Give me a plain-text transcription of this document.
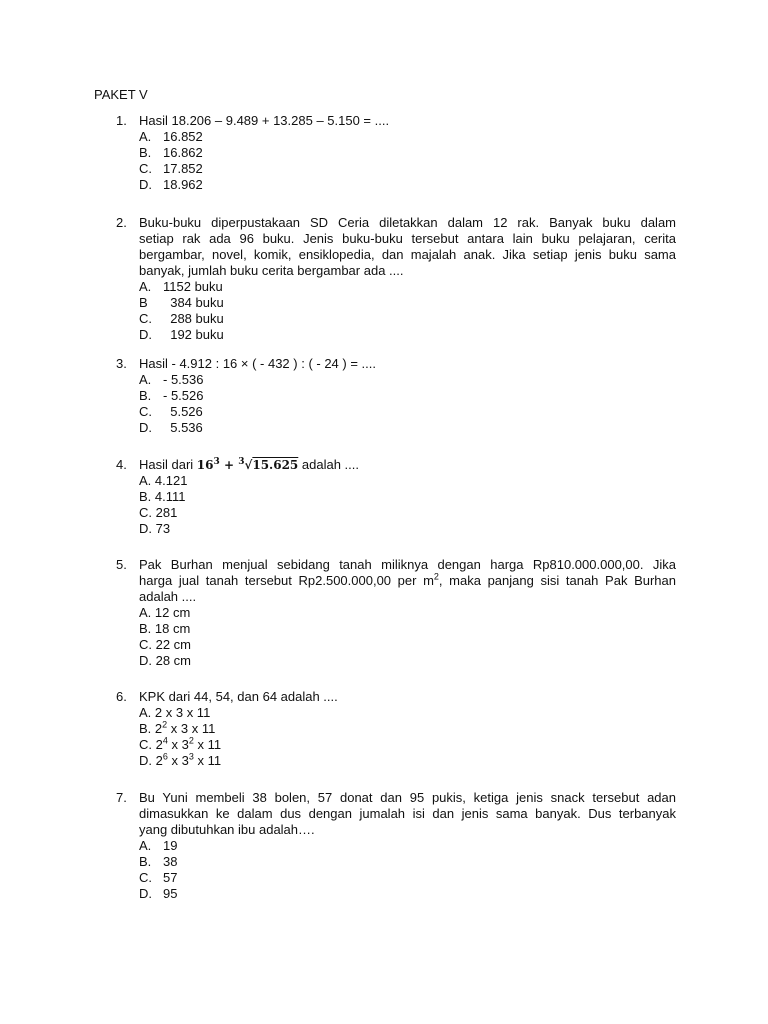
PAKET V
1. Hasil 18.206 – 9.489 + 13.285 – 5.150 = ....
A. 16.852
B. 16.862
C. 17.852
D. 18.962
2. Buku-buku diperpustakaan SD Ceria diletakkan dalam 12 rak. Banyak buku dalam
setiap rak ada 96 buku. Jenis buku-buku tersebut antara lain buku pelajaran, cerita
bergambar, novel, komik, ensiklopedia, dan majalah anak. Jika setiap jenis buku sama
banyak, jumlah buku cerita bergambar ada ....
A. 1152 buku
B  384 buku
C.  288 buku
D.  192 buku
3. Hasil - 4.912 : 16 × ( - 432 ) : ( - 24 ) = ....
A. - 5.536
B. - 5.526
C.  5.526
D.  5.536
4. Hasil dari $16^3 + ^3√15.625$ adalah ....
A. 4.121
B. 4.111
C. 281
D. 73
5. Pak Burhan menjual sebidang tanah miliknya dengan harga Rp810.000.000,00. Jika
harga jual tanah tersebut Rp2.500.000,00 per $m^2$, maka panjang sisi tanah Pak Burhan
adalah ....
A. 12 cm
B. 18 cm
C. 22 cm
D. 28 cm
6. KPK dari 44, 54, dan 64 adalah ....
A. 2 x 3 x 11
B. $2^2$ x 3 x 11
C. $2^4$ x $3^2$ x 11
D. $2^6$ x $3^3$ x 11
7. Bu Yuni membeli 38 bolen, 57 donat dan 95 pukis, ketiga jenis snack tersebut adan
dimasukkan ke dalam dus dengan jumalah isi dan jenis sama banyak. Dus terbanyak
yang dibutuhkan ibu adalah….
A. 19
B. 38
C. 57
D. 95
